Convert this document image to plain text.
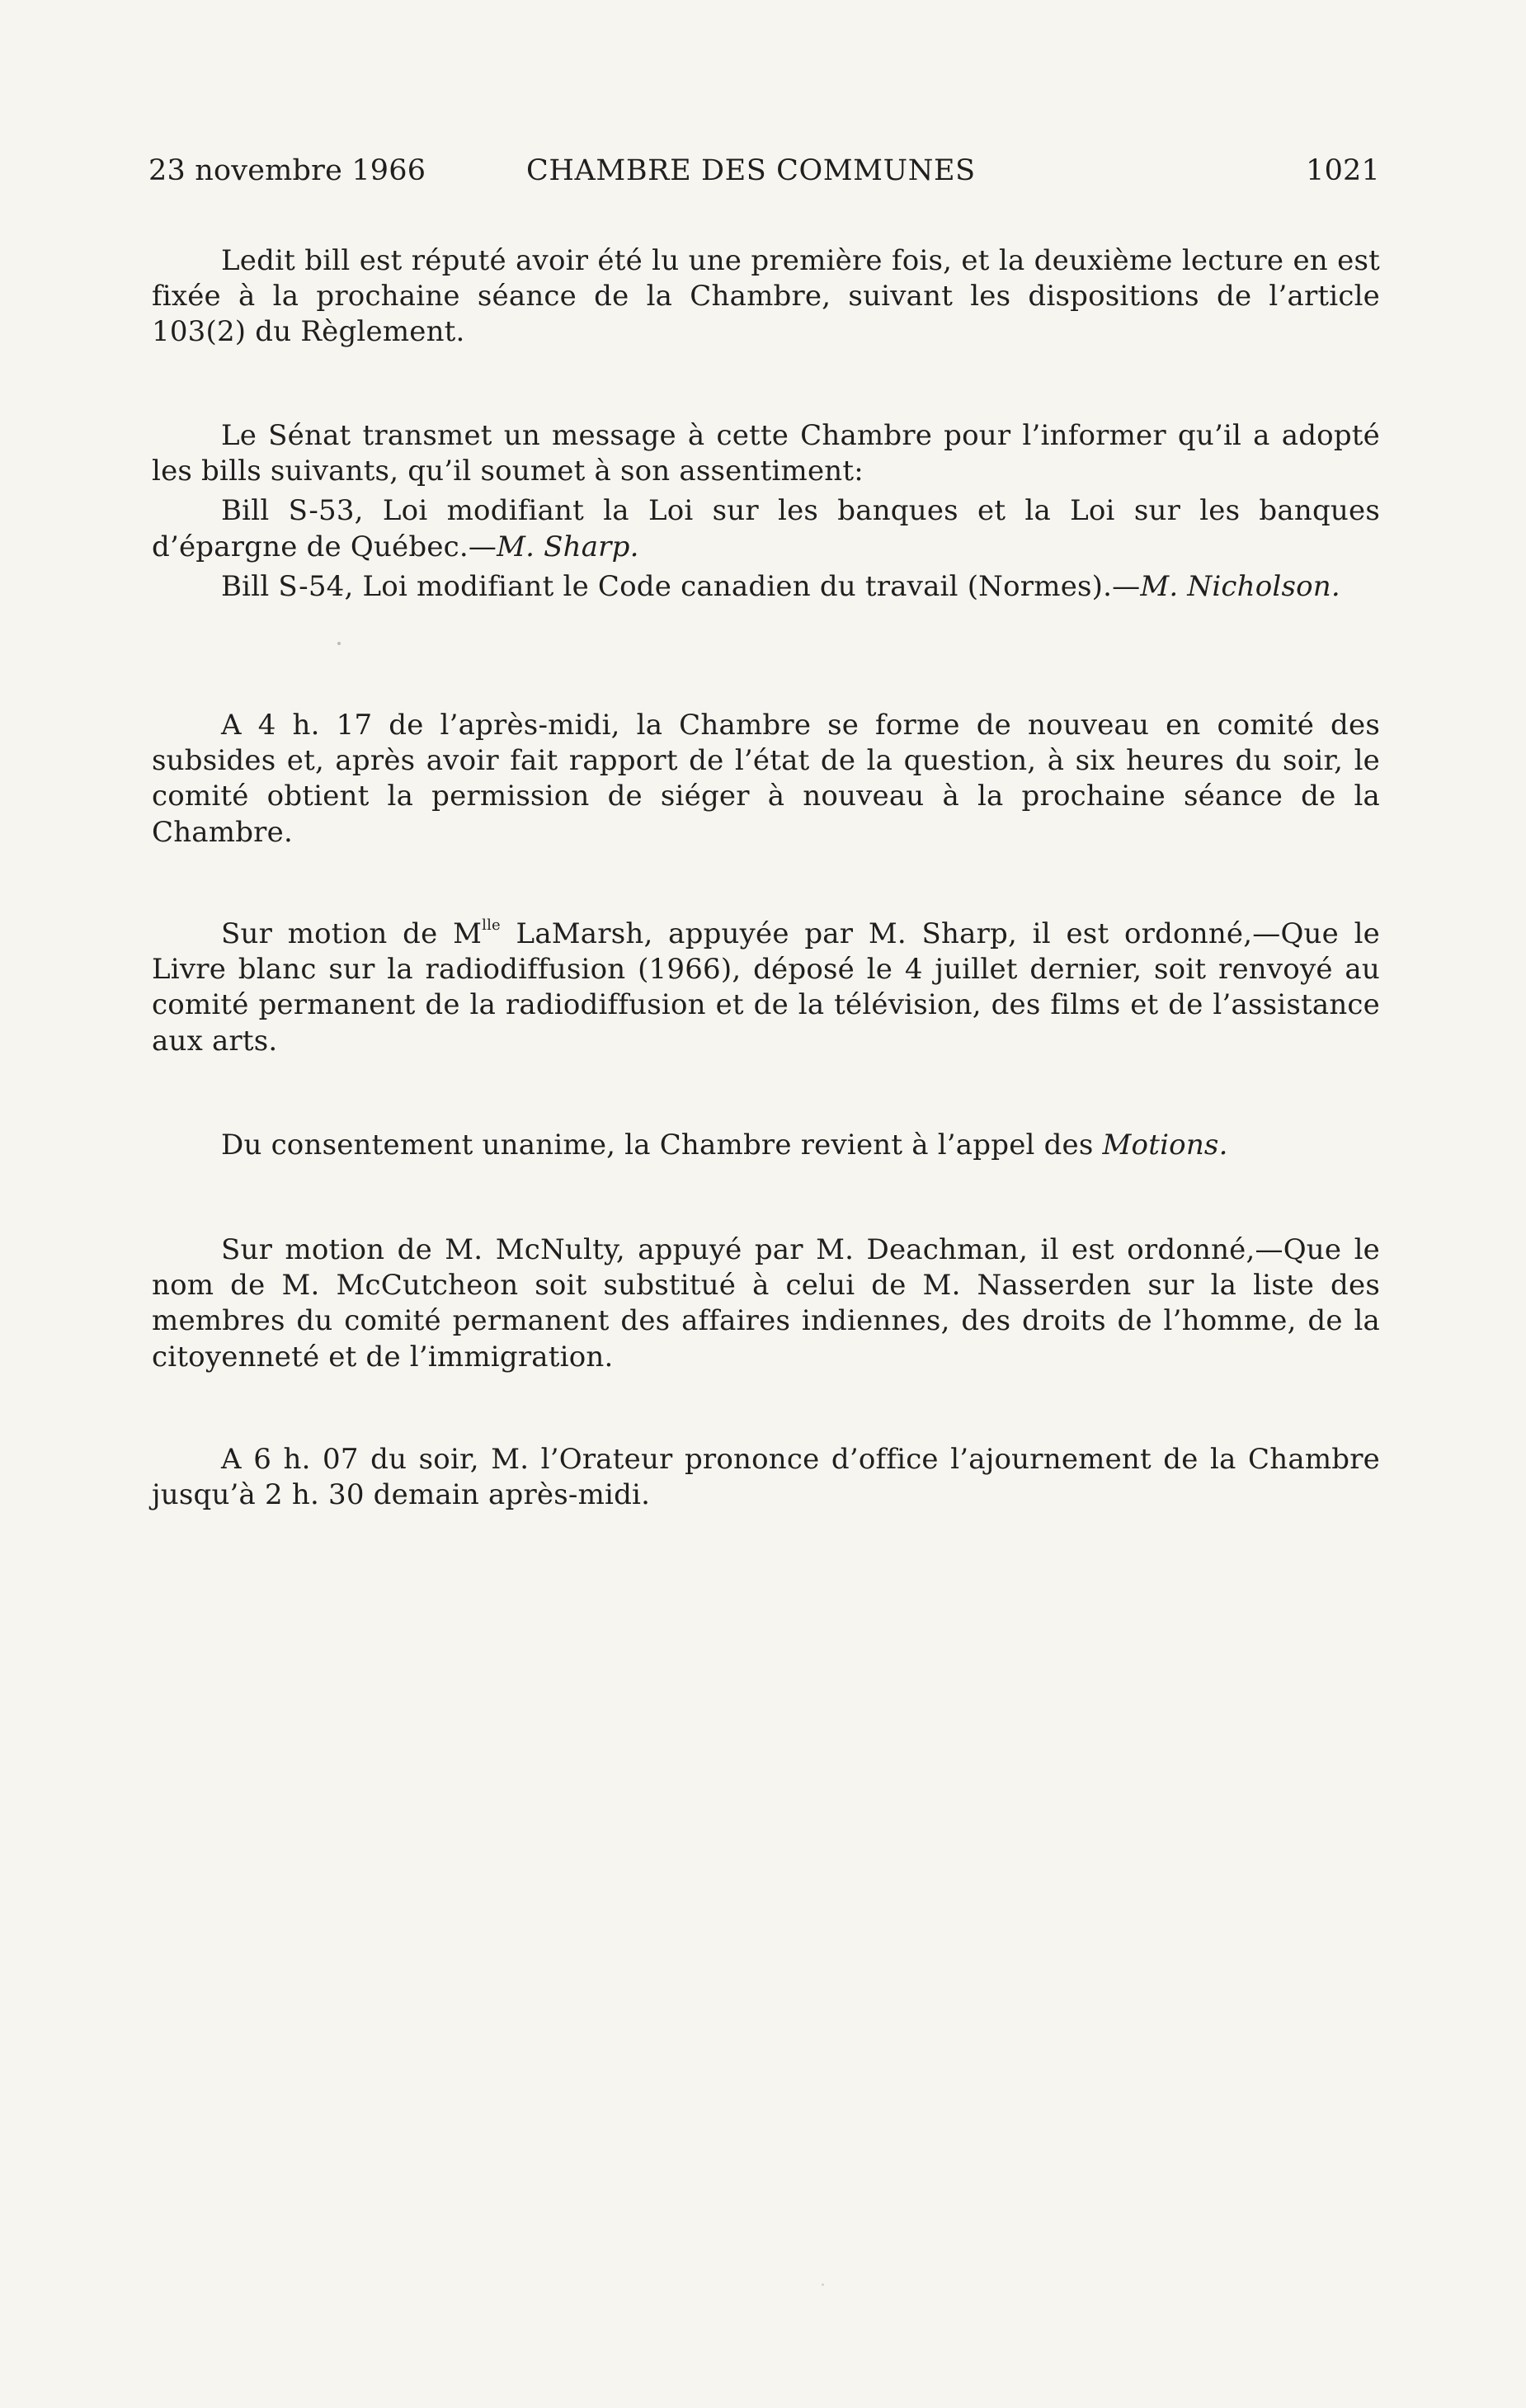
23 novembre 1966	CHAMBRE DES COMMUNES	1021

Ledit bill est réputé avoir été lu une première fois, et la deuxième lecture en est fixée à la prochaine séance de la Chambre, suivant les dispositions de l’article 103(2) du Règlement.

Le Sénat transmet un message à cette Chambre pour l’informer qu’il a adopté les bills suivants, qu’il soumet à son assentiment:

Bill S-53, Loi modifiant la Loi sur les banques et la Loi sur les banques d’épargne de Québec.—M. Sharp.

Bill S-54, Loi modifiant le Code canadien du travail (Normes).—M. Nicholson.

A 4 h. 17 de l’après-midi, la Chambre se forme de nouveau en comité des subsides et, après avoir fait rapport de l’état de la question, à six heures du soir, le comité obtient la permission de siéger à nouveau à la prochaine séance de la Chambre.

Sur motion de $M^{lle}$ LaMarsh, appuyée par M. Sharp, il est ordonné,—Que le Livre blanc sur la radiodiffusion (1966), déposé le 4 juillet dernier, soit renvoyé au comité permanent de la radiodiffusion et de la télévision, des films et de l’assistance aux arts.

Du consentement unanime, la Chambre revient à l’appel des Motions.

Sur motion de M. McNulty, appuyé par M. Deachman, il est ordonné,—Que le nom de M. McCutcheon soit substitué à celui de M. Nasserden sur la liste des membres du comité permanent des affaires indiennes, des droits de l’homme, de la citoyenneté et de l’immigration.

A 6 h. 07 du soir, M. l’Orateur prononce d’office l’ajournement de la Chambre jusqu’à 2 h. 30 demain après-midi.
